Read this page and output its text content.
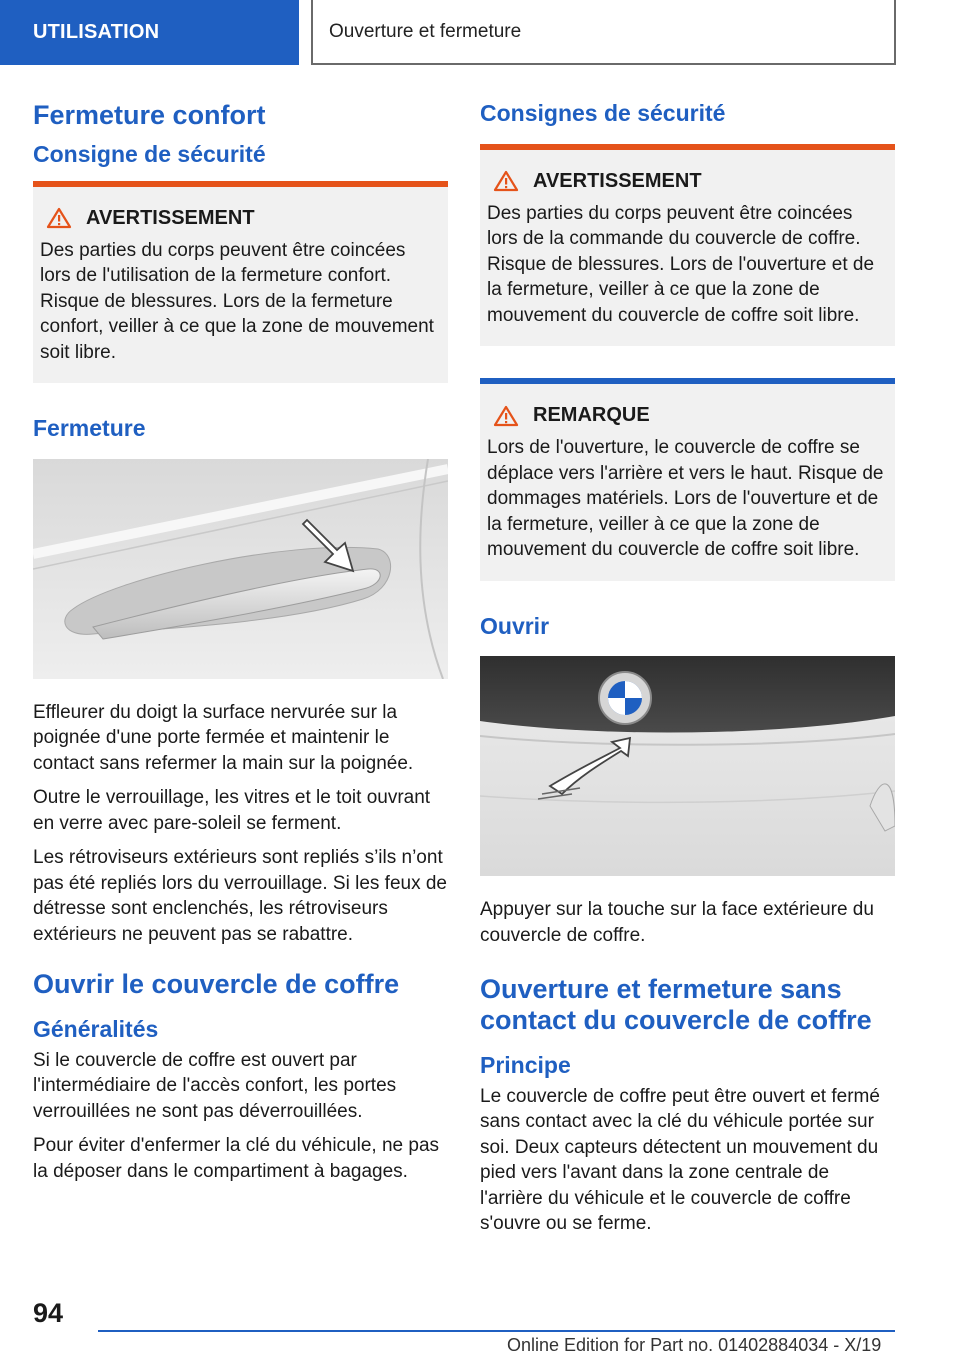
UTILISATION	Ouverture et fermeture
Fermeture confort
Consigne de sécurité
AVERTISSEMENT

Des parties du corps peuvent être coincées lors de l'utilisation de la fermeture confort. Risque de blessures. Lors de la fermeture confort, veiller à ce que la zone de mouvement soit libre.

Fermeture

Effleurer du doigt la surface nervurée sur la poignée d'une porte fermée et maintenir le contact sans refermer la main sur la poignée.

Outre le verrouillage, les vitres et le toit ouvrant en verre avec pare-soleil se ferment.

Les rétroviseurs extérieurs sont repliés s’ils n’ont pas été repliés lors du verrouillage. Si les feux de détresse sont enclenchés, les rétroviseurs extérieurs ne peuvent pas se rabattre.

Ouvrir le couvercle de coffre
Généralités

Si le couvercle de coffre est ouvert par l'intermédiaire de l'accès confort, les portes verrouillées ne sont pas déverrouillées.

Pour éviter d'enfermer la clé du véhicule, ne pas la déposer dans le compartiment à bagages.

Consignes de sécurité
AVERTISSEMENT

Des parties du corps peuvent être coincées lors de la commande du couvercle de coffre. Risque de blessures. Lors de l'ouverture et de la fermeture, veiller à ce que la zone de mouvement du couvercle de coffre soit libre.

REMARQUE

Lors de l'ouverture, le couvercle de coffre se déplace vers l'arrière et vers le haut. Risque de dommages matériels. Lors de l'ouverture et de la fermeture, veiller à ce que la zone de mouvement du couvercle de coffre soit libre.

Ouvrir

Appuyer sur la touche sur la face extérieure du couvercle de coffre.

Ouverture et fermeture sans contact du couvercle de coffre
Principe

Le couvercle de coffre peut être ouvert et fermé sans contact avec la clé du véhicule portée sur soi. Deux capteurs détectent un mouvement du pied vers l'avant dans la zone centrale de l'arrière du véhicule et le couvercle de coffre s'ouvre ou se ferme.

94
Online Edition for Part no. 01402884034 - X/19
